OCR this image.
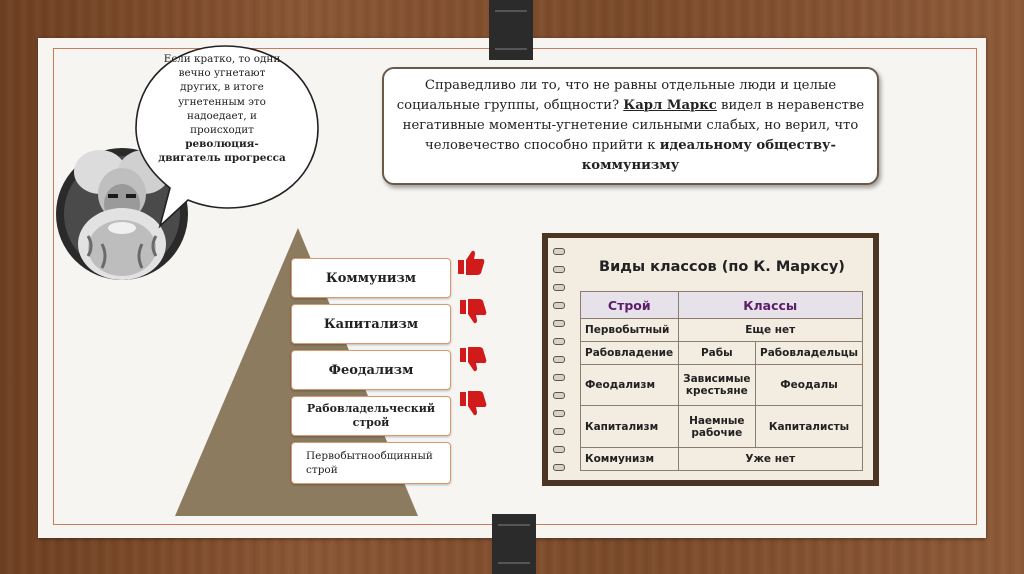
Если кратко, то одни
вечно угнетают
других, в итоге
угнетенным это
надоедает, и
происходит
революция-
двигатель прогресса
Справедливо ли то, что не равны отдельные люди и целые социальные группы, общности? Карл Маркс видел в неравенстве негативные моменты-угнетение сильными слабых, но верил, что человечество способно прийти к идеальному обществу-коммунизму
Коммунизм
Капитализм
Феодализм
Рабовладельческий строй
Первобытнообщинный строй
Виды классов (по К. Марксу)
Строй	Классы	
Первобытный	Еще нет	
Рабовладение	Рабы	Рабовладельцы
Феодализм	Зависимые крестьяне	Феодалы
Капитализм	Наемные рабочие	Капиталисты
Коммунизм	Уже нет	
